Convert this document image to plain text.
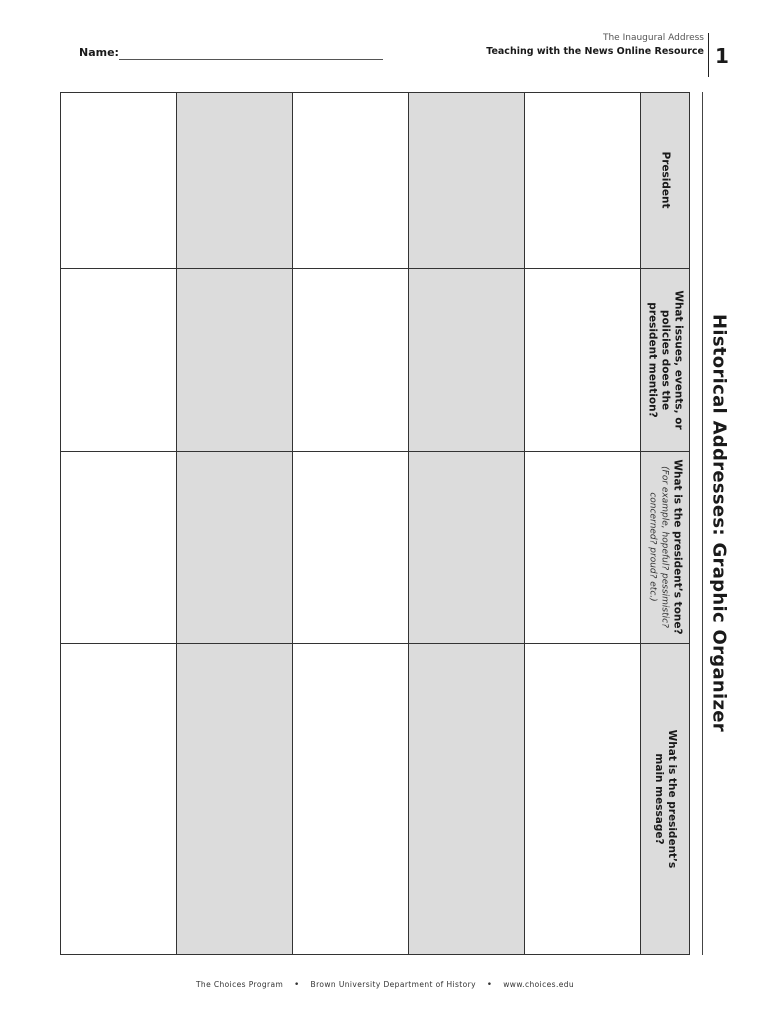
Name:
The Inaugural Address
Teaching with the News Online Resource 1
Historical Addresses: Graphic Organizer
President
What issues, events, or policies does the president mention?
What is the president’s tone?
(For example, hopeful? pessimistic? concerned? proud? etc.)
What is the president’s main message?
The Choices Program • Brown University Department of History • www.choices.edu
